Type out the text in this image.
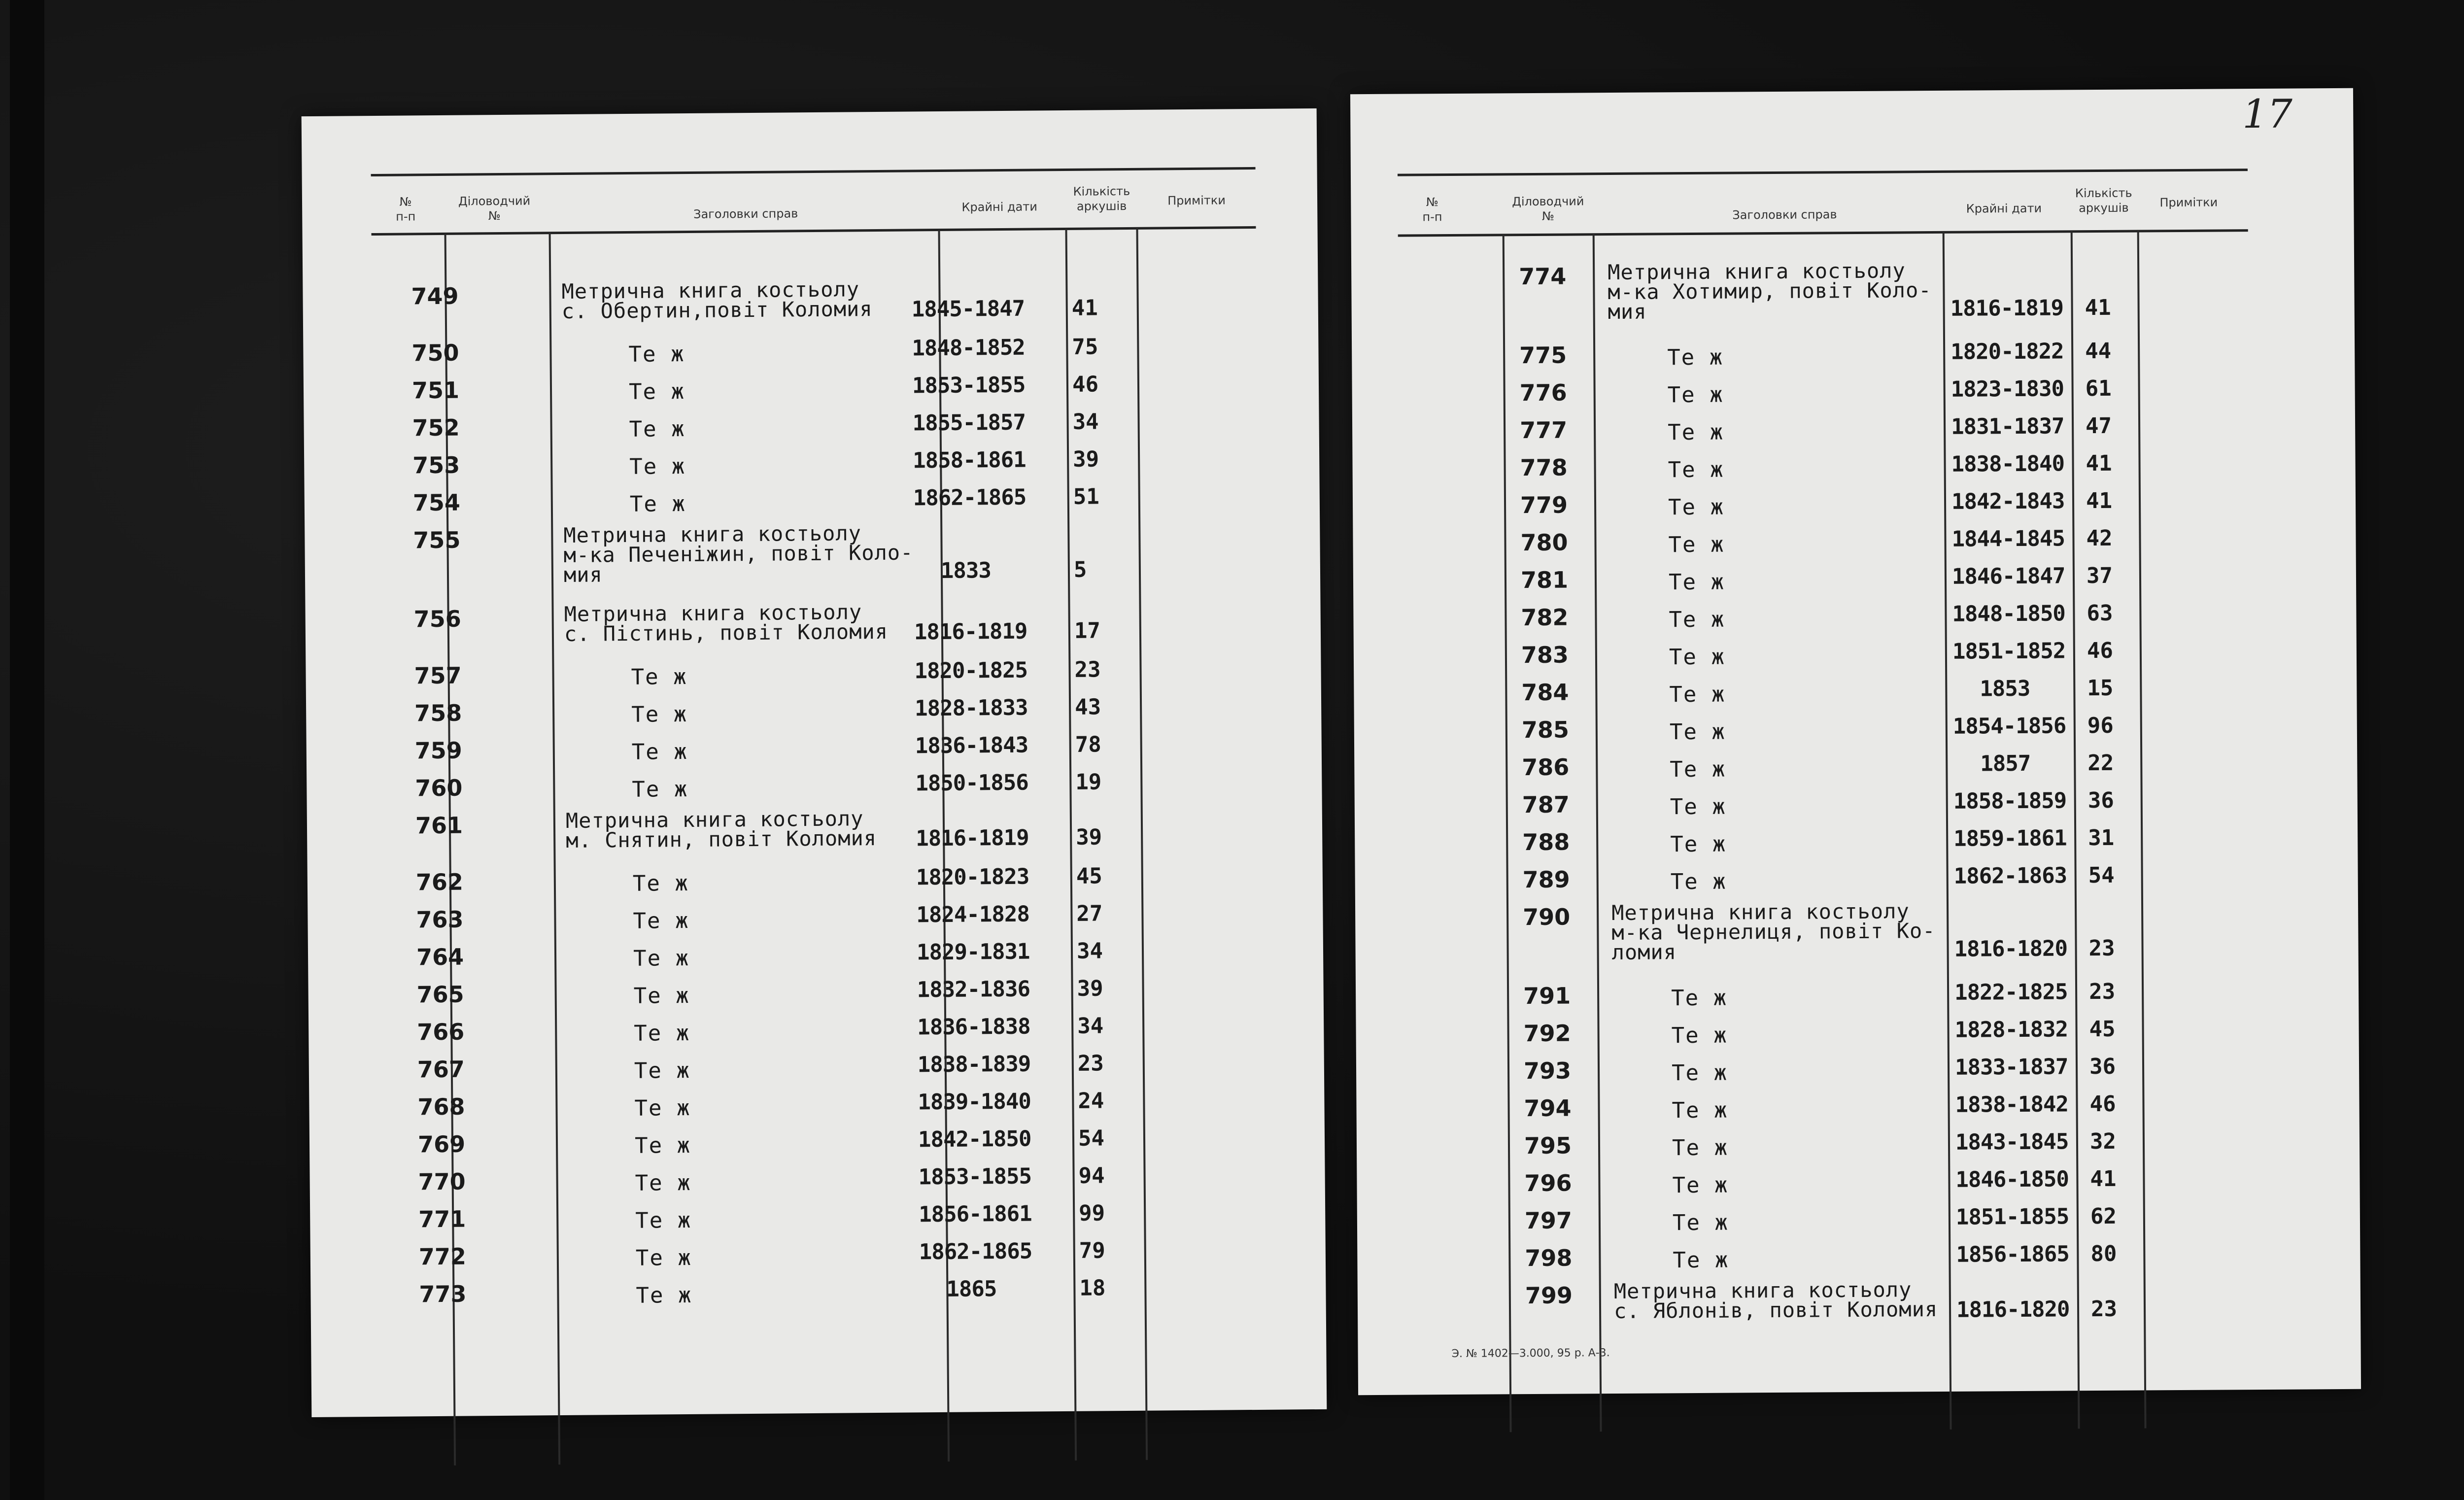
№
п-п
Діловодчий
№	Заголовки справ	Крайні дати
Кількість
аркушів	Примітки
749	Метрична книга костьолу
с. Обертин,повіт Коломия 1845-1847 41
750	Те ж	1848-1852 75
751	Те ж	1853-1855 46
752	Те ж	1855-1857 34
753	Те ж	1858-1861 39
754	Те ж	1862-1865 51
755	Метрична книга костьолу
м-ка Печеніжин, повіт Коло-
мия	1833	5
756	Метрична книга костьолу
с. Пістинь, повіт Коломия 1816-1819 17
757	Те ж	1820-1825 23
758	Те ж	1828-1833 43
759	Те ж	1836-1843 78
760	Те ж	1850-1856 19
761	Метрична книга костьолу
м. Снятин, повіт Коломия 1816-1819 39
762	Те ж	1820-1823 45
763	Те ж	1824-1828 27
764	Те ж	1829-1831 34
765	Те ж	1832-1836 39
766	Те ж	1836-1838 34
767	Те ж	1838-1839 23
768	Те ж	1839-1840 24
769	Те ж	1842-1850 54
770	Те ж	1853-1855 94
771	Те ж	1856-1861 99
772	Те ж	1862-1865 79
773	Те ж	1865	18
17
№
п-п
Діловодчий
№	Заголовки справ	Крайні дати
Кількість
аркушів	Примітки
774 Метрична книга костьолу
м-ка Хотимир, повіт Коло-
мия	1816-1819 41
775	Те ж	1820-1822 44
776	Те ж	1823-1830 61
777	Те ж	1831-1837 47
778	Те ж	1838-1840 41
779	Те ж	1842-1843 41
780	Те ж	1844-1845 42
781	Те ж	1846-1847 37
782	Те ж	1848-1850 63
783	Те ж	1851-1852 46
784	Те ж	1853	15
785	Те ж	1854-1856 96
786	Те ж	1857	22
787	Те ж	1858-1859 36
788	Те ж	1859-1861 31
789	Те ж	1862-1863 54
790 Метрична книга костьолу
м-ка Чернелиця, повіт Ко-
ломия	1816-1820 23
791	Те ж	1822-1825 23
792	Те ж	1828-1832 45
793	Те ж	1833-1837 36
794	Те ж	1838-1842 46
795	Те ж	1843-1845 32
796	Те ж	1846-1850 41
797	Те ж	1851-1855 62
798	Те ж	1856-1865 80
799 Метрична книга костьолу
с. Яблонів, повіт Коломия 1816-1820 23
Э. № 1402—3.000, 95 р. А-3.
